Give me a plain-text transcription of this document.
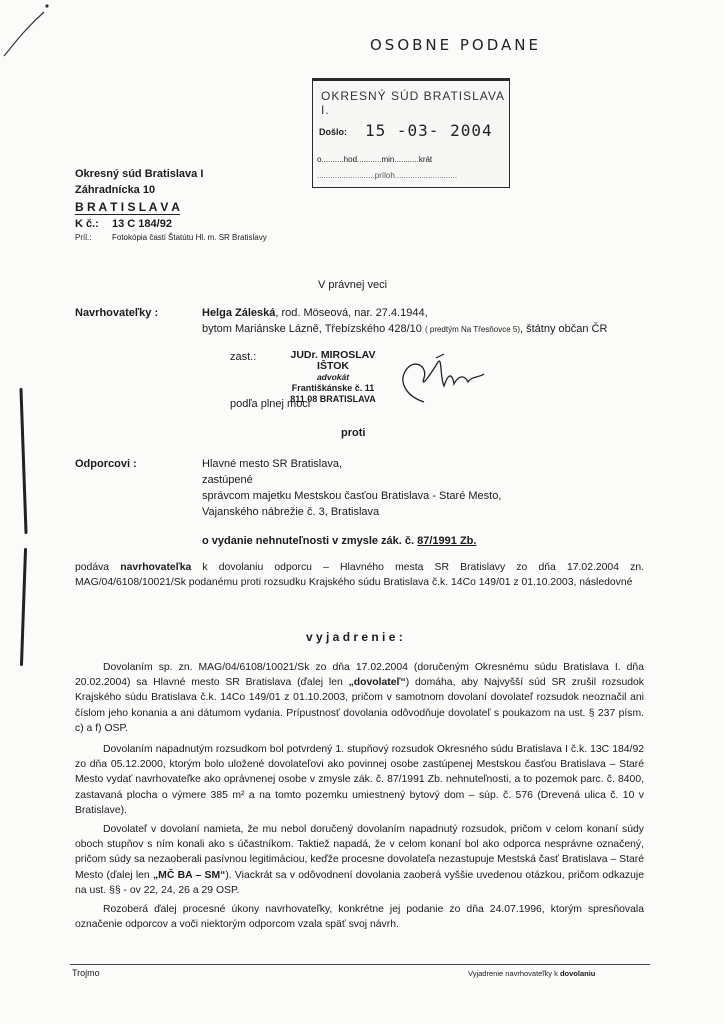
OSOBNE PODANE
OKRESNÝ SÚD BRATISLAVA I.
Došlo: 15 -03- 2004
o..........hod...........min...........krát
..........................príloh............................
Okresný súd Bratislava I
Záhradnícka 10
B R A T I S L A V A
K č.: 13 C 184/92
Príl.:	Fotokópia časti Štatútu Hl. m. SR Bratislavy
V právnej veci
Navrhovateľky :	Helga Záleská, rod. Möseová, nar. 27.4.1944,
bytom Mariánske Lázně, Třebízského 428/10 ( predtým Na Třesňovce 5), štátny občan ČR
zast.:	JUDr. MIROSLAV IŠTOK
advokát
Františkánske č. 11
811 08 BRATISLAVA
podľa plnej moci
proti
Odporcovi :	Hlavné mesto SR Bratislava,
zastúpené
správcom majetku Mestskou časťou Bratislava - Staré Mesto,
Vajanského nábrežie č. 3, Bratislava
o vydanie nehnuteľnosti v zmysle zák. č. 87/1991 Zb.
podáva navrhovateľka k dovolaniu odporcu – Hlavného mesta SR Bratislavy zo dňa 17.02.2004 zn. MAG/04/6108/10021/Sk podanému proti rozsudku Krajského súdu Bratislava č.k. 14Co 149/01 z 01.10.2003, následovné
v y j a d r e n i e :
Dovolaním sp. zn. MAG/04/6108/10021/Sk zo dňa 17.02.2004 (doručeným Okresnému súdu Bratislava I. dňa 20.02.2004) sa Hlavné mesto SR Bratislava (ďalej len „dovolateľ“) domáha, aby Najvyšší súd SR zrušil rozsudok Krajského súdu Bratislava č.k. 14Co 149/01 z 01.10.2003, pričom v samotnom dovolaní dovolateľ rozsudok neoznačil ani číslom jeho konania a ani dátumom vydania. Prípustnosť dovolania odôvodňuje dovolateľ s poukazom na ust. § 237 písm. c) a f) OSP.
Dovolaním napadnutým rozsudkom bol potvrdený 1. stupňový rozsudok Okresného súdu Bratislava I č.k. 13C 184/92 zo dňa 05.12.2000, ktorým bolo uložené dovolateľovi ako povinnej osobe zastúpenej Mestskou časťou Bratislava – Staré Mesto vydať navrhovateľke ako oprávnenej osobe v zmysle zák. č. 87/1991 Zb. nehnuteľnosti, a to pozemok parc. č. 8400, zastavaná plocha o výmere 385 m² a na tomto pozemku umiestnený bytový dom – súp. č. 576 (Drevená ulica č. 10 v Bratislave).
Dovolateľ v dovolaní namieta, že mu nebol doručený dovolaním napadnutý rozsudok, pričom v celom konaní súdy oboch stupňov s ním konali ako s účastníkom. Taktiež napadá, že v celom konaní bol ako odporca nesprávne označený, pričom súdy sa nezaoberali pasívnou legitimáciou, keďže procesne dovolateľa nezastupuje Mestská časť Bratislava – Staré Mesto (ďalej len „MČ BA – SM“). Viackrát sa v odôvodnení dovolania zaoberá vyššie uvedenou otázkou, pričom odkazuje na ust. §§ - ov 22, 24, 26 a 29 OSP.
Rozoberá ďalej procesné úkony navrhovateľky, konkrétne jej podanie zo dňa 24.07.1996, ktorým spresňovala označenie odporcov a voči niektorým odporcom vzala späť svoj návrh.
Trojmo	Vyjadrenie navrhovateľky k dovolaniu
